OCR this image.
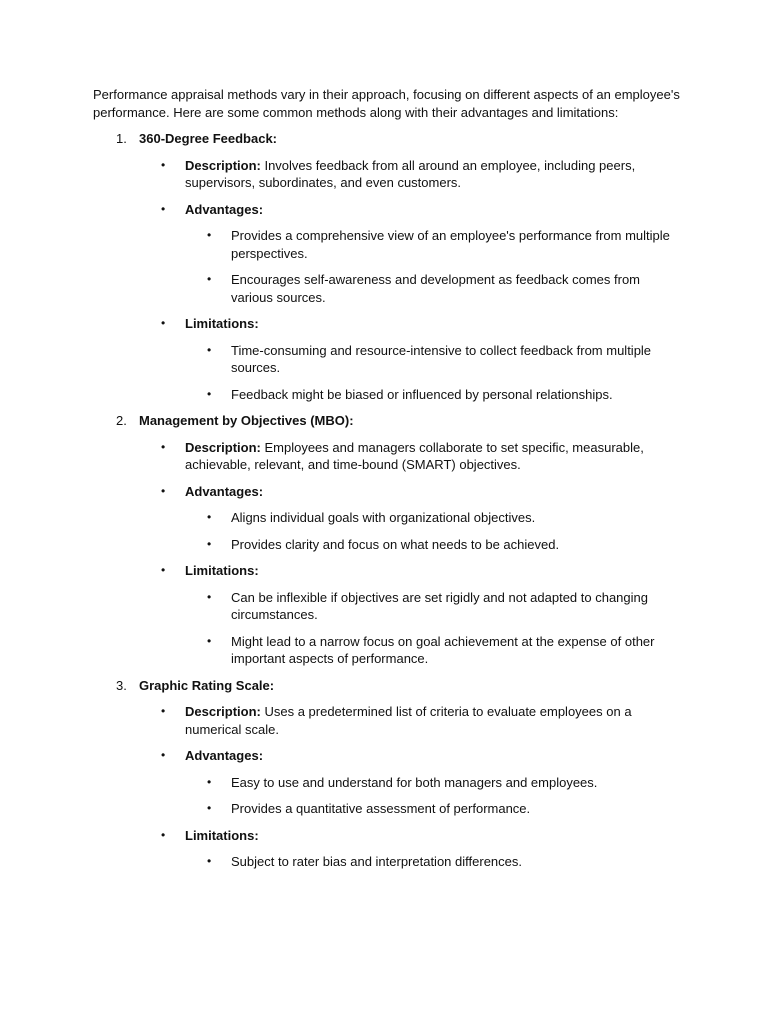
Performance appraisal methods vary in their approach, focusing on different aspects of an employee's performance. Here are some common methods along with their advantages and limitations:

1. 360-Degree Feedback:
• Description: Involves feedback from all around an employee, including peers, supervisors, subordinates, and even customers.
• Advantages:
• Provides a comprehensive view of an employee's performance from multiple perspectives.
• Encourages self-awareness and development as feedback comes from various sources.
• Limitations:
• Time-consuming and resource-intensive to collect feedback from multiple sources.
• Feedback might be biased or influenced by personal relationships.
2. Management by Objectives (MBO):
• Description: Employees and managers collaborate to set specific, measurable, achievable, relevant, and time-bound (SMART) objectives.
• Advantages:
• Aligns individual goals with organizational objectives.
• Provides clarity and focus on what needs to be achieved.
• Limitations:
• Can be inflexible if objectives are set rigidly and not adapted to changing circumstances.
• Might lead to a narrow focus on goal achievement at the expense of other important aspects of performance.
3. Graphic Rating Scale:
• Description: Uses a predetermined list of criteria to evaluate employees on a numerical scale.
• Advantages:
• Easy to use and understand for both managers and employees.
• Provides a quantitative assessment of performance.
• Limitations:
• Subject to rater bias and interpretation differences.
